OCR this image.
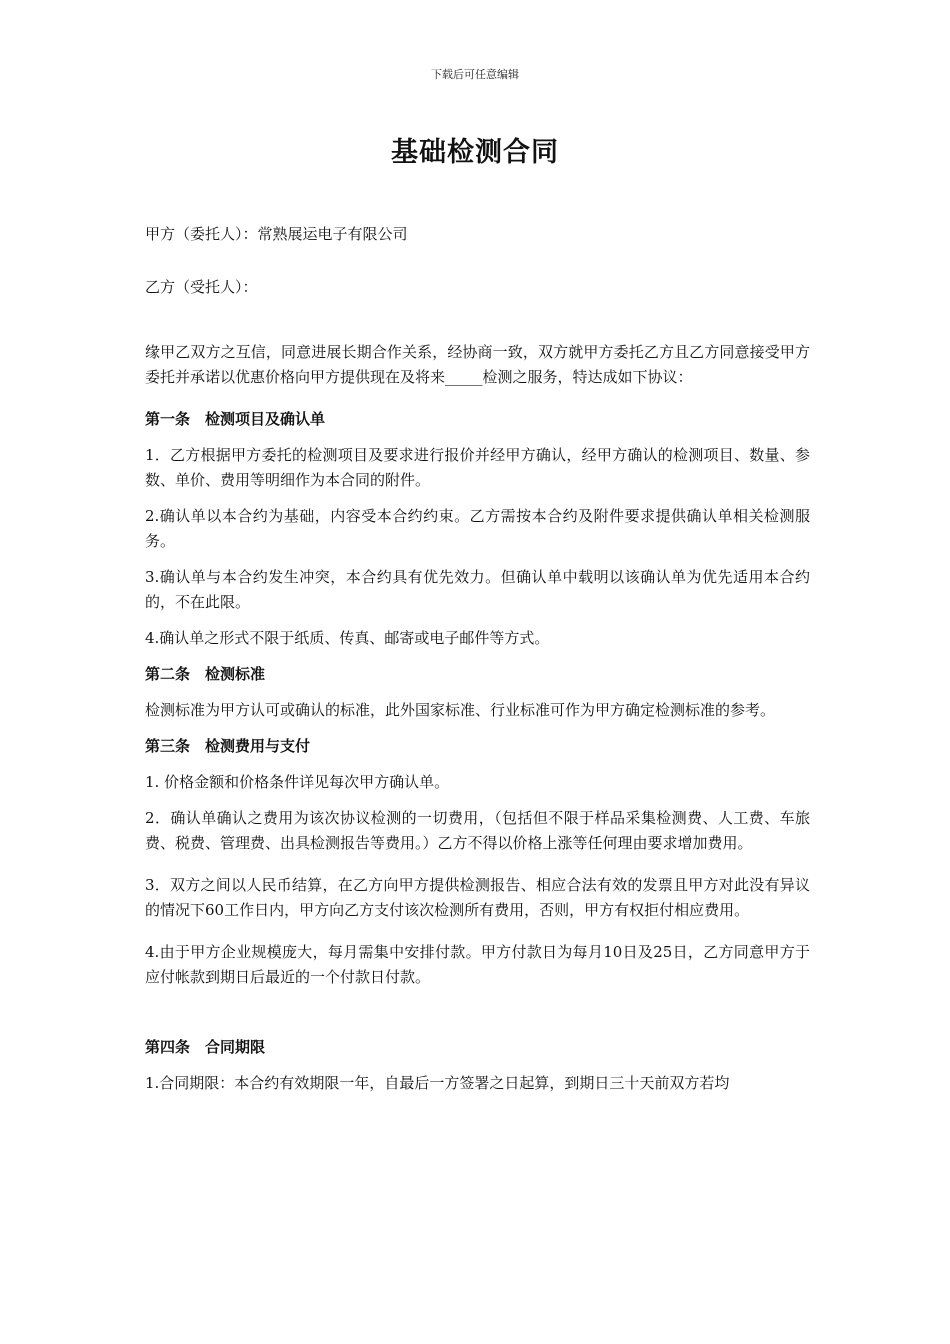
下载后可任意编辑
基础检测合同

甲方（委托人）：常熟展运电子有限公司

乙方（受托人）：

缘甲乙双方之互信，同意进展长期合作关系，经协商一致，双方就甲方委托乙方且乙方同意接受甲方委托并承诺以优惠价格向甲方提供现在及将来_____检测之服务，特达成如下协议：

第一条　检测项目及确认单

1．乙方根据甲方委托的检测项目及要求进行报价并经甲方确认，经甲方确认的检测项目、数量、参数、单价、费用等明细作为本合同的附件。

2.确认单以本合约为基础，内容受本合约约束。乙方需按本合约及附件要求提供确认单相关检测服务。

3.确认单与本合约发生冲突，本合约具有优先效力。但确认单中载明以该确认单为优先适用本合约的，不在此限。

4.确认单之形式不限于纸质、传真、邮寄或电子邮件等方式。

第二条　检测标准

检测标准为甲方认可或确认的标准，此外国家标准、行业标准可作为甲方确定检测标准的参考。

第三条　检测费用与支付

1. 价格金额和价格条件详见每次甲方确认单。

2．确认单确认之费用为该次协议检测的一切费用，（包括但不限于样品采集检测费、人工费、车旅费、税费、管理费、出具检测报告等费用。）乙方不得以价格上涨等任何理由要求增加费用。

3．双方之间以人民币结算，在乙方向甲方提供检测报告、相应合法有效的发票且甲方对此没有异议的情况下60工作日内，甲方向乙方支付该次检测所有费用，否则，甲方有权拒付相应费用。

4.由于甲方企业规模庞大，每月需集中安排付款。甲方付款日为每月10日及25日，乙方同意甲方于应付帐款到期日后最近的一个付款日付款。

第四条　合同期限

1.合同期限：本合约有效期限一年，自最后一方签署之日起算，到期日三十天前双方若均
